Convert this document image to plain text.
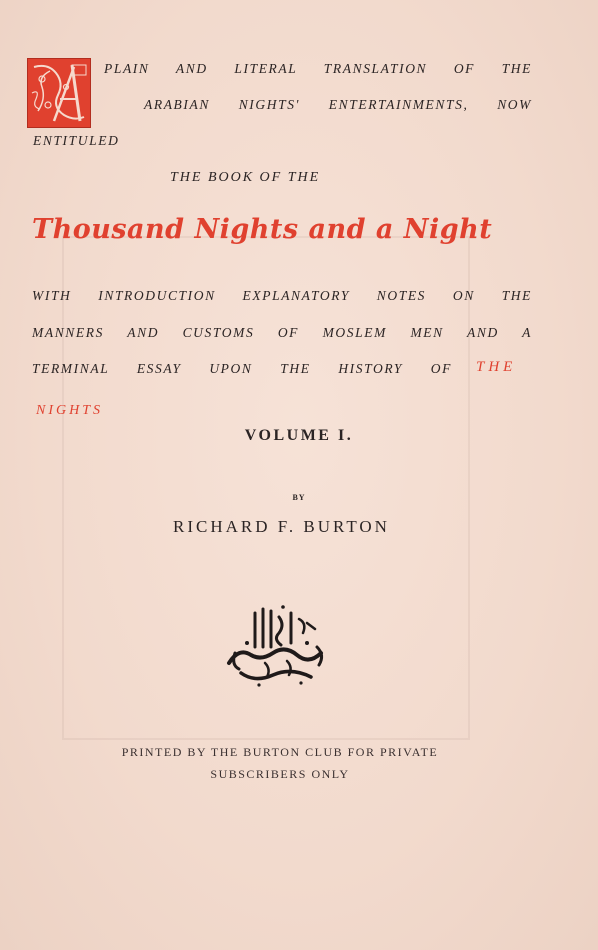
PLAIN AND LITERAL TRANSLATION OF THE
ARABIAN NIGHTS' ENTERTAINMENTS, NOW
ENTITULED
THE BOOK OF THE
Thousand Nights and a Night
WITH INTRODUCTION EXPLANATORY NOTES ON THE
MANNERS AND CUSTOMS OF MOSLEM MEN AND A
TERMINAL ESSAY UPON THE HISTORY OF THE
NIGHTS
VOLUME I.
BY
RICHARD F. BURTON
PRINTED BY THE BURTON CLUB FOR PRIVATE
SUBSCRIBERS ONLY
